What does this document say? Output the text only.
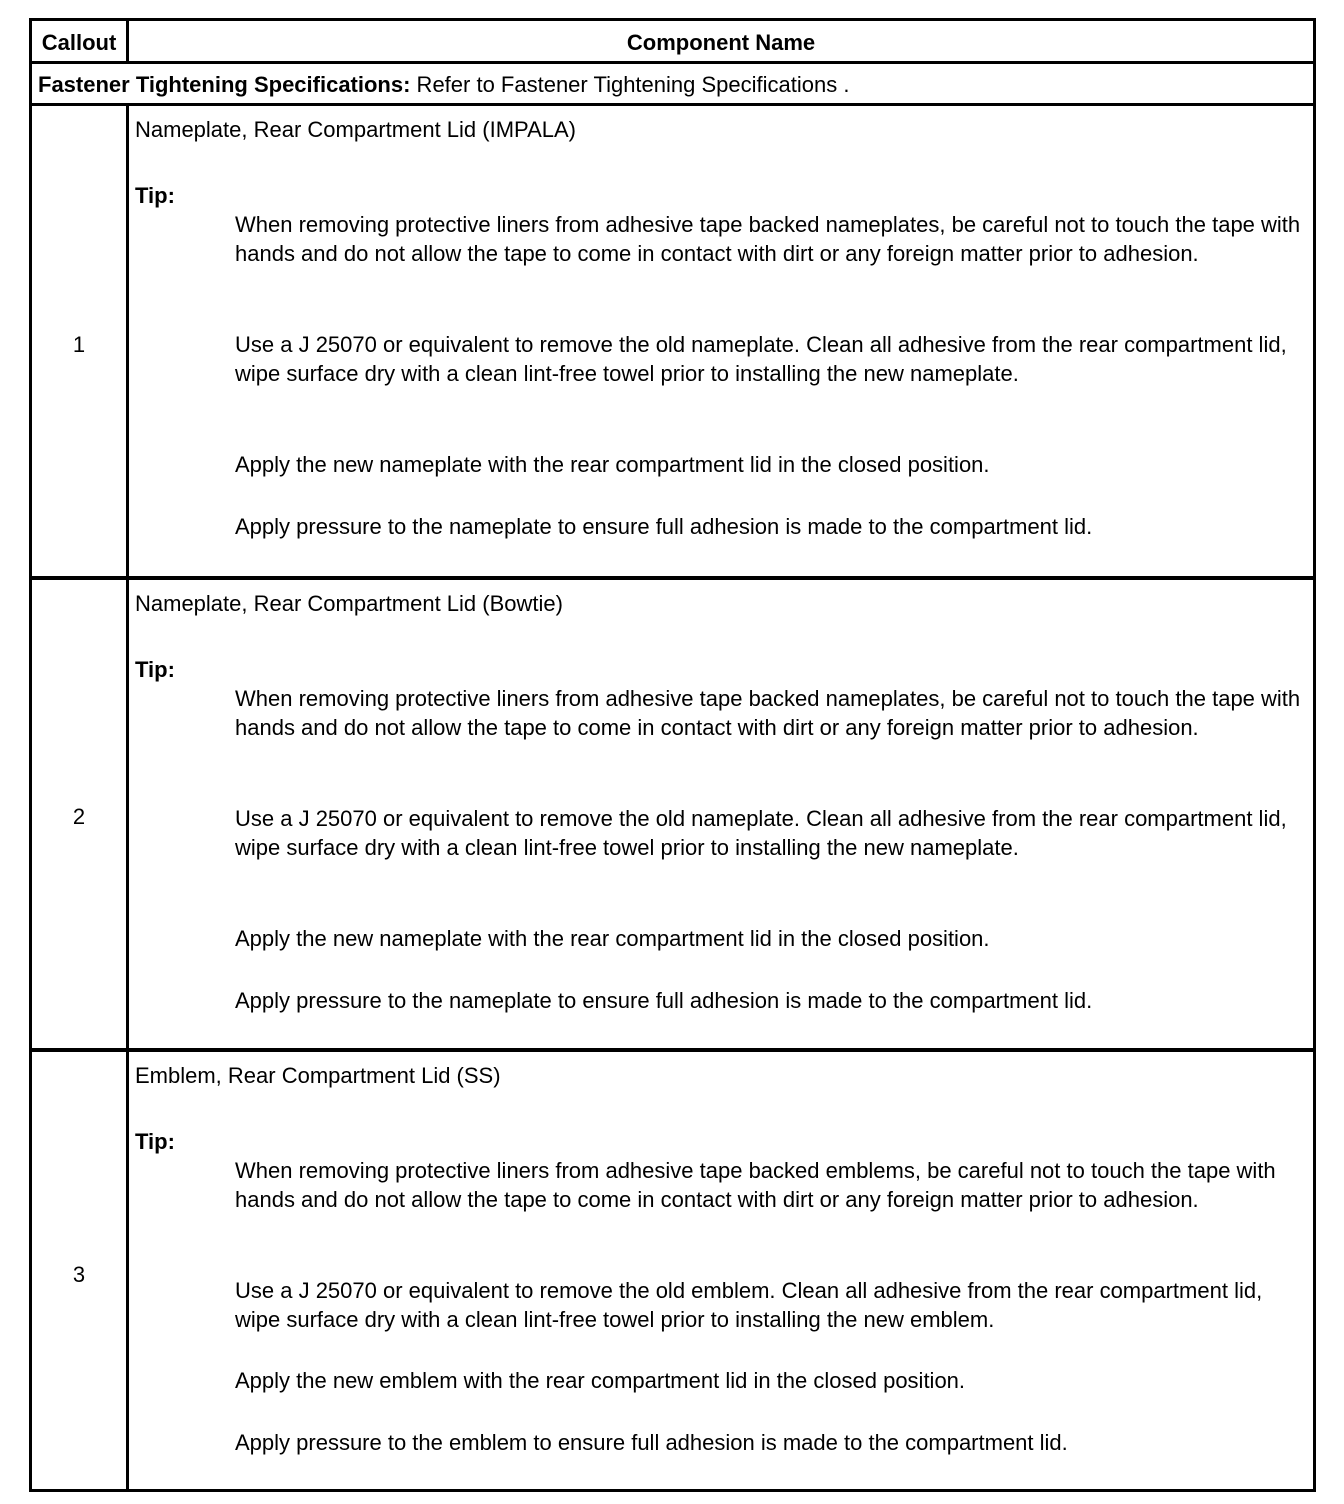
Callout	Component Name
Fastener Tightening Specifications: Refer to Fastener Tightening Specifications .
1
Nameplate, Rear Compartment Lid (IMPALA)
Tip:
When removing protective liners from adhesive tape backed nameplates, be careful not to touch the tape with hands and do not allow the tape to come in contact with dirt or any foreign matter prior to adhesion.
Use a J 25070 or equivalent to remove the old nameplate. Clean all adhesive from the rear compartment lid, wipe surface dry with a clean lint-free towel prior to installing the new nameplate.
Apply the new nameplate with the rear compartment lid in the closed position.
Apply pressure to the nameplate to ensure full adhesion is made to the compartment lid.
2
Nameplate, Rear Compartment Lid (Bowtie)
Tip:
When removing protective liners from adhesive tape backed nameplates, be careful not to touch the tape with hands and do not allow the tape to come in contact with dirt or any foreign matter prior to adhesion.
Use a J 25070 or equivalent to remove the old nameplate. Clean all adhesive from the rear compartment lid, wipe surface dry with a clean lint-free towel prior to installing the new nameplate.
Apply the new nameplate with the rear compartment lid in the closed position.
Apply pressure to the nameplate to ensure full adhesion is made to the compartment lid.
3
Emblem, Rear Compartment Lid (SS)
Tip:
When removing protective liners from adhesive tape backed emblems, be careful not to touch the tape with hands and do not allow the tape to come in contact with dirt or any foreign matter prior to adhesion.
Use a J 25070 or equivalent to remove the old emblem. Clean all adhesive from the rear compartment lid, wipe surface dry with a clean lint-free towel prior to installing the new emblem.
Apply the new emblem with the rear compartment lid in the closed position.
Apply pressure to the emblem to ensure full adhesion is made to the compartment lid.
